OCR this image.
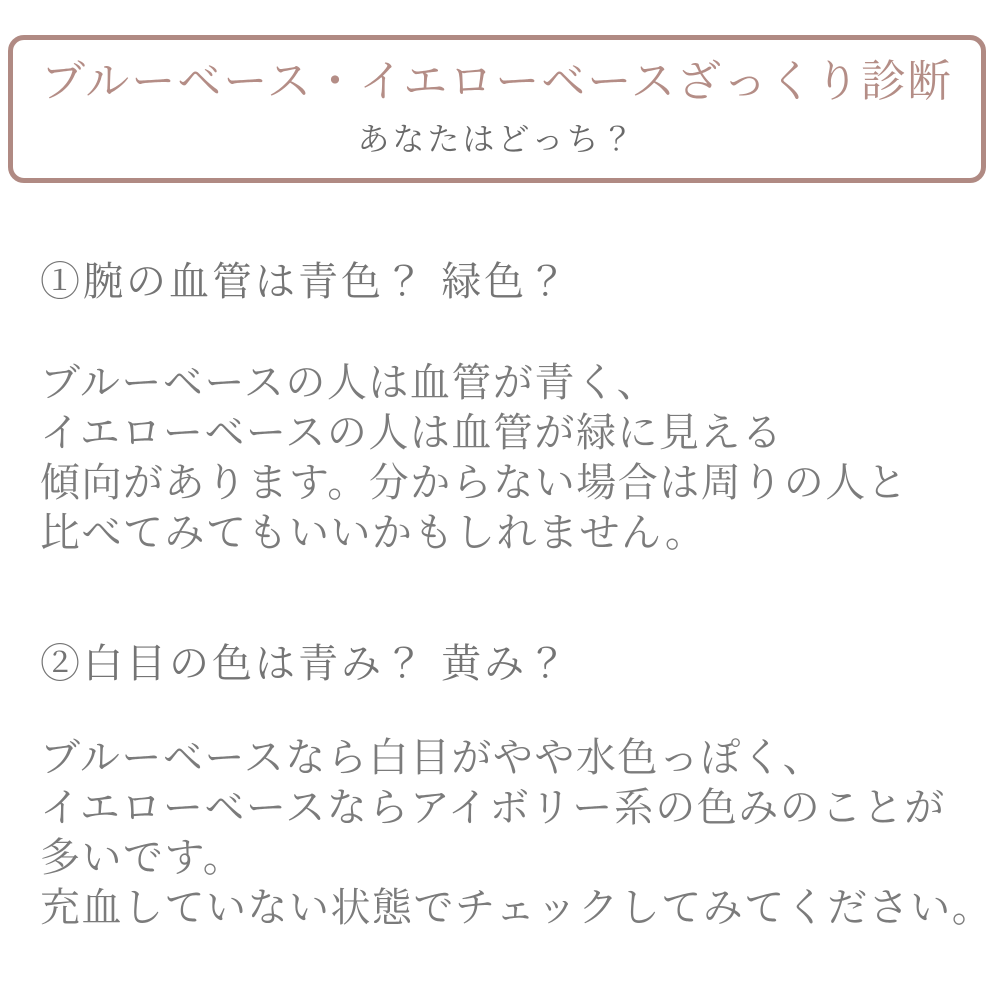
ブルーベース・イエローベースざっくり診断
あなたはどっち？
①腕の血管は青色？ 緑色？

ブルーベースの人は血管が青く、
イエローベースの人は血管が緑に見える
傾向があります。分からない場合は周りの人と
比べてみてもいいかもしれません。

②白目の色は青み？ 黄み？

ブルーベースなら白目がやや水色っぽく、
イエローベースならアイボリー系の色みのことが
多いです。
充血していない状態でチェックしてみてください。
